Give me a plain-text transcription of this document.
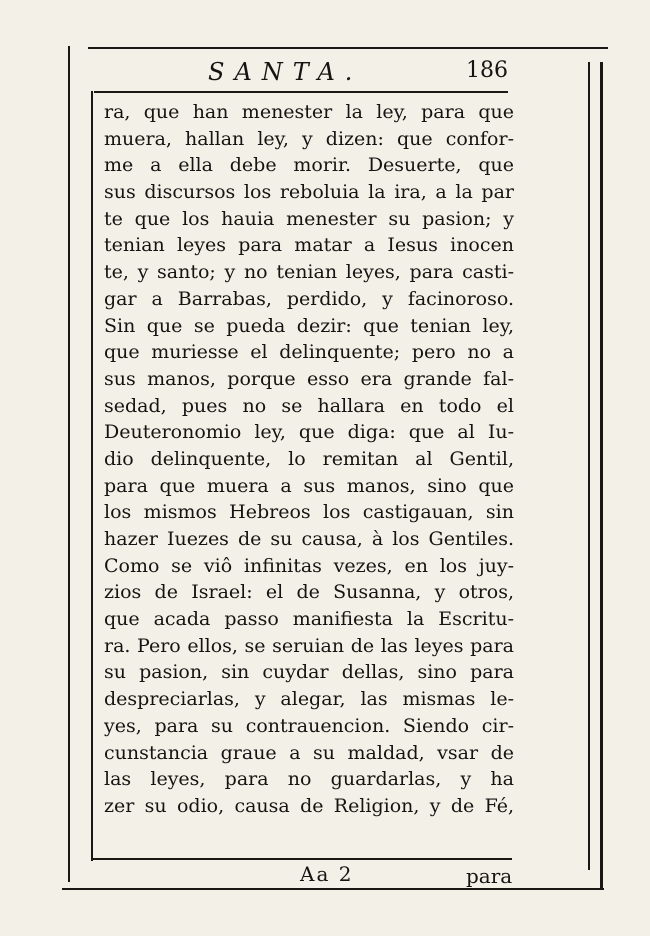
SANTA.	186
ra, que han menester la ley, para que
muera, hallan ley, y dizen: que confor-
me a ella debe morir. Desuerte, que
sus discursos los reboluia la ira, a la par
te que los hauia menester su pasion; y
tenian leyes para matar a Iesus inocen
te, y santo; y no tenian leyes, para casti-
gar a Barrabas, perdido, y facinoroso.
Sin que se pueda dezir: que tenian ley,
que muriesse el delinquente; pero no a
sus manos, porque esso era grande fal-
sedad, pues no se hallara en todo el
Deuteronomio ley, que diga: que al Iu-
dio delinquente, lo remitan al Gentil,
para que muera a sus manos, sino que
los mismos Hebreos los castigauan, sin
hazer Iuezes de su causa, à los Gentiles.
Como se viô infinitas vezes, en los juy-
zios de Israel: el de Susanna, y otros,
que acada passo manifiesta la Escritu-
ra. Pero ellos, se seruian de las leyes para
su pasion, sin cuydar dellas, sino para
despreciarlas, y alegar, las mismas le-
yes, para su contrauencion. Siendo cir-
cunstancia graue a su maldad, vsar de
las leyes, para no guardarlas, y ha
zer su odio, causa de Religion, y de Fé,
Aa 2	para
